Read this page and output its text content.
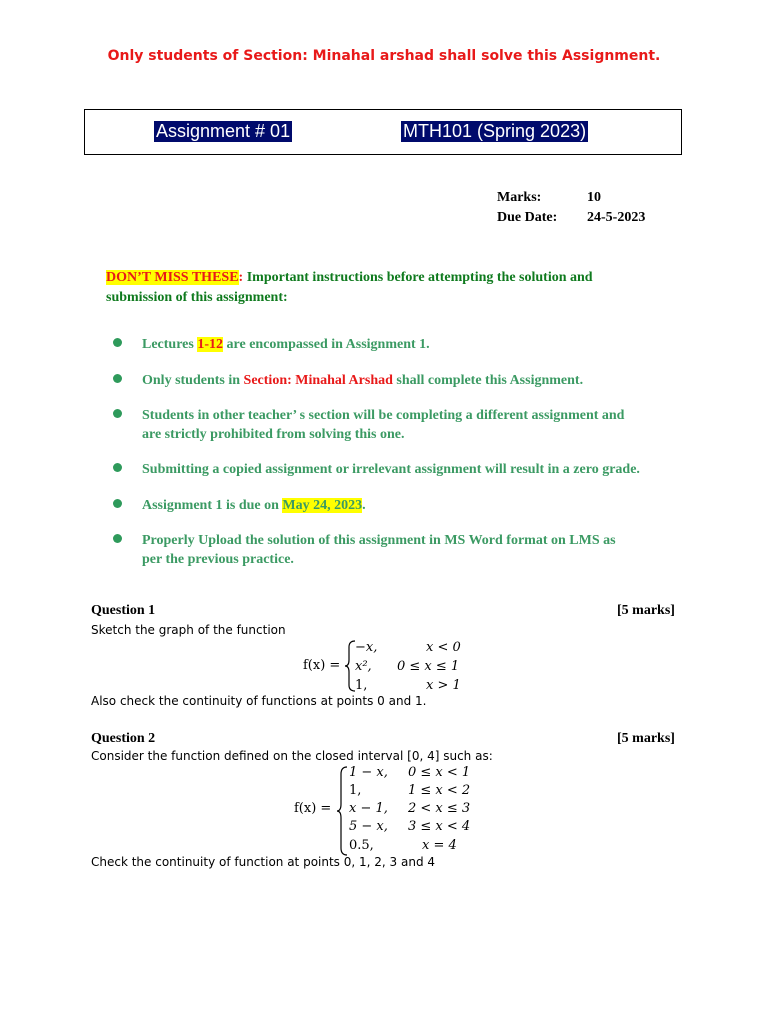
Only students of Section: Minahal arshad shall solve this Assignment.
Assignment # 01	MTH101 (Spring 2023)
Marks:	10
Due Date: 24-5-2023
DON’T MISS THESE: Important instructions before attempting the solution and
submission of this assignment:
Lectures 1-12 are encompassed in Assignment 1.
Only students in Section: Minahal Arshad shall complete this Assignment.
Students in other teacher’ s section will be completing a different assignment and
are strictly prohibited from solving this one.
Submitting a copied assignment or irrelevant assignment will result in a zero grade.
Assignment 1 is due on May 24, 2023.
Properly Upload the solution of this assignment in MS Word format on LMS as
per the previous practice.
Question 1	[5 marks]
Sketch the graph of the function
f(x) =
−x,	x < 0
x², 0 ≤ x ≤ 1
1,	x > 1
Also check the continuity of functions at points 0 and 1.
Question 2	[5 marks]
Consider the function defined on the closed interval [0, 4] such as:
f(x) =
1 − x, 0 ≤ x < 1
1,	1 ≤ x < 2
x − 1, 2 < x ≤ 3
5 − x, 3 ≤ x < 4
0.5,	x = 4
Check the continuity of function at points 0, 1, 2, 3 and 4
